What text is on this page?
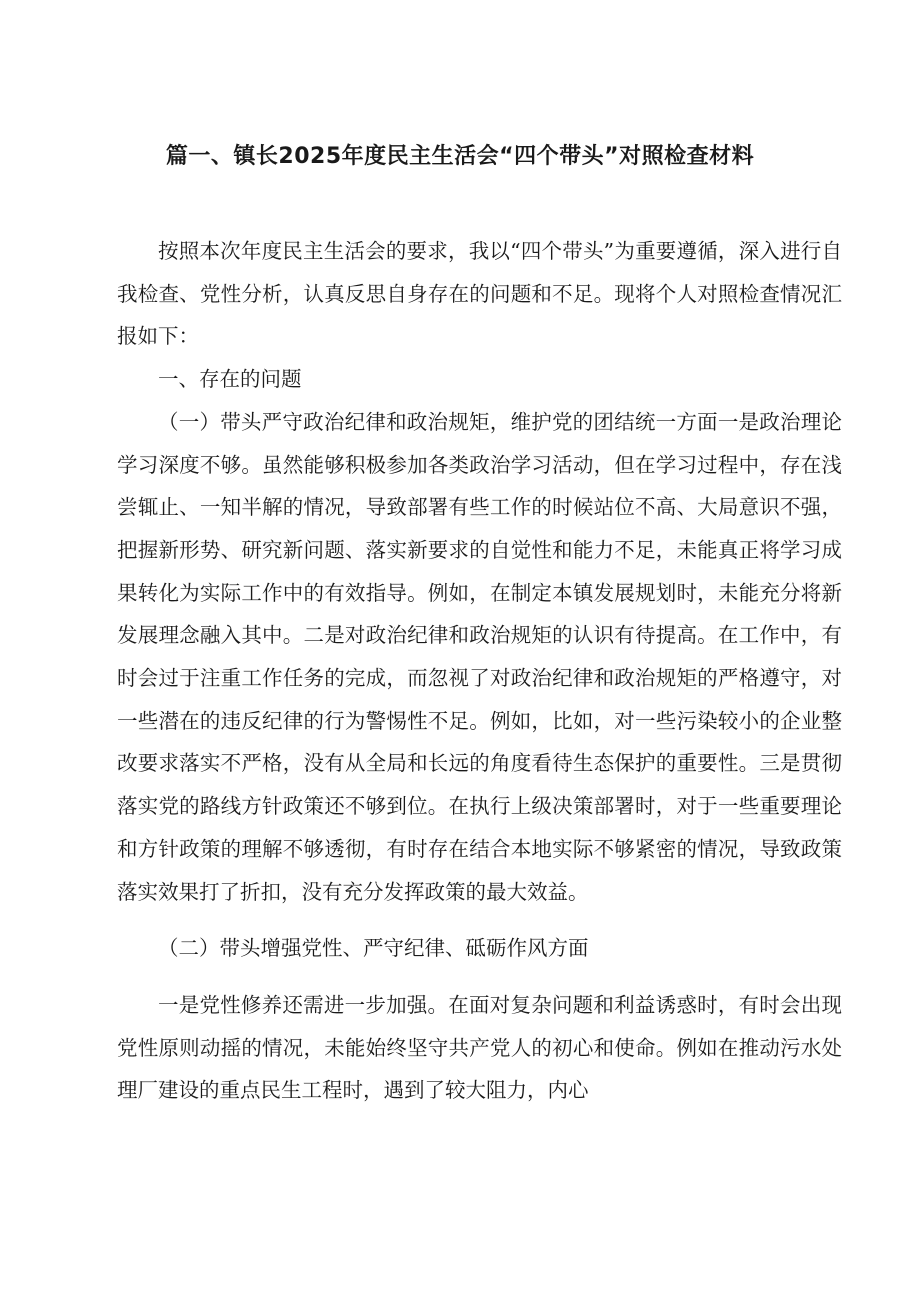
篇一、镇长2025年度民主生活会“四个带头”对照检查材料

按照本次年度民主生活会的要求，我以“四个带头”为重要遵循，深入进行自我检查、党性分析，认真反思自身存在的问题和不足。现将个人对照检查情况汇报如下：

一、存在的问题

（一）带头严守政治纪律和政治规矩，维护党的团结统一方面一是政治理论学习深度不够。虽然能够积极参加各类政治学习活动，但在学习过程中，存在浅尝辄止、一知半解的情况，导致部署有些工作的时候站位不高、大局意识不强，把握新形势、研究新问题、落实新要求的自觉性和能力不足，未能真正将学习成果转化为实际工作中的有效指导。例如，在制定本镇发展规划时，未能充分将新发展理念融入其中。二是对政治纪律和政治规矩的认识有待提高。在工作中，有时会过于注重工作任务的完成，而忽视了对政治纪律和政治规矩的严格遵守，对一些潜在的违反纪律的行为警惕性不足。例如，比如，对一些污染较小的企业整改要求落实不严格，没有从全局和长远的角度看待生态保护的重要性。三是贯彻落实党的路线方针政策还不够到位。在执行上级决策部署时，对于一些重要理论和方针政策的理解不够透彻，有时存在结合本地实际不够紧密的情况，导致政策落实效果打了折扣，没有充分发挥政策的最大效益。

（二）带头增强党性、严守纪律、砥砺作风方面

一是党性修养还需进一步加强。在面对复杂问题和利益诱惑时，有时会出现党性原则动摇的情况，未能始终坚守共产党人的初心和使命。例如在推动污水处理厂建设的重点民生工程时，遇到了较大阻力，内心
